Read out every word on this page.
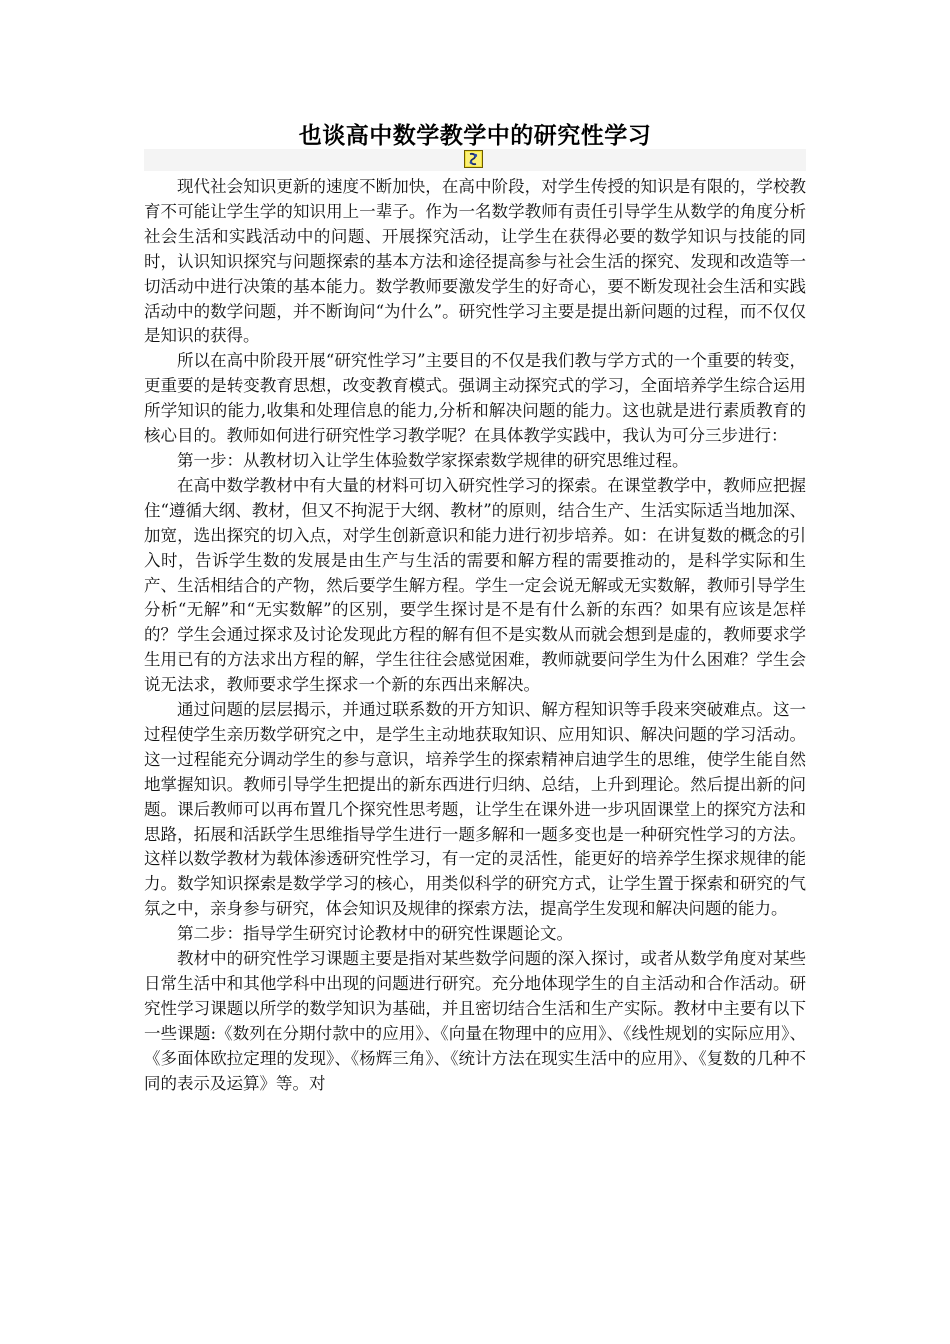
也谈高中数学教学中的研究性学习

现代社会知识更新的速度不断加快，在高中阶段，对学生传授的知识是有限的，学校教育不可能让学生学的知识用上一辈子。作为一名数学教师有责任引导学生从数学的角度分析社会生活和实践活动中的问题、开展探究活动，让学生在获得必要的数学知识与技能的同时，认识知识探究与问题探索的基本方法和途径提高参与社会生活的探究、发现和改造等一切活动中进行决策的基本能力。数学教师要激发学生的好奇心，要不断发现社会生活和实践活动中的数学问题，并不断询问“为什么”。研究性学习主要是提出新问题的过程，而不仅仅是知识的获得。

所以在高中阶段开展“研究性学习”主要目的不仅是我们教与学方式的一个重要的转变，更重要的是转变教育思想，改变教育模式。强调主动探究式的学习，全面培养学生综合运用所学知识的能力,收集和处理信息的能力,分析和解决问题的能力。这也就是进行素质教育的核心目的。教师如何进行研究性学习教学呢？在具体教学实践中，我认为可分三步进行：

第一步：从教材切入让学生体验数学家探索数学规律的研究思维过程。

在高中数学教材中有大量的材料可切入研究性学习的探索。在课堂教学中，教师应把握住“遵循大纲、教材，但又不拘泥于大纲、教材”的原则，结合生产、生活实际适当地加深、加宽，选出探究的切入点，对学生创新意识和能力进行初步培养。如：在讲复数的概念的引入时，告诉学生数的发展是由生产与生活的需要和解方程的需要推动的，是科学实际和生产、生活相结合的产物，然后要学生解方程。学生一定会说无解或无实数解，教师引导学生分析“无解”和“无实数解”的区别，要学生探讨是不是有什么新的东西？如果有应该是怎样的？学生会通过探求及讨论发现此方程的解有但不是实数从而就会想到是虚的，教师要求学生用已有的方法求出方程的解，学生往往会感觉困难，教师就要问学生为什么困难？学生会说无法求，教师要求学生探求一个新的东西出来解决。

通过问题的层层揭示，并通过联系数的开方知识、解方程知识等手段来突破难点。这一过程使学生亲历数学研究之中，是学生主动地获取知识、应用知识、解决问题的学习活动。这一过程能充分调动学生的参与意识，培养学生的探索精神启迪学生的思维，使学生能自然地掌握知识。教师引导学生把提出的新东西进行归纳、总结，上升到理论。然后提出新的问题。课后教师可以再布置几个探究性思考题，让学生在课外进一步巩固课堂上的探究方法和思路，拓展和活跃学生思维指导学生进行一题多解和一题多变也是一种研究性学习的方法。这样以数学教材为载体渗透研究性学习，有一定的灵活性，能更好的培养学生探求规律的能力。数学知识探索是数学学习的核心，用类似科学的研究方式，让学生置于探索和研究的气氛之中，亲身参与研究，体会知识及规律的探索方法，提高学生发现和解决问题的能力。

第二步：指导学生研究讨论教材中的研究性课题论文。

教材中的研究性学习课题主要是指对某些数学问题的深入探讨，或者从数学角度对某些日常生活中和其他学科中出现的问题进行研究。充分地体现学生的自主活动和合作活动。研究性学习课题以所学的数学知识为基础，并且密切结合生活和生产实际。教材中主要有以下一些课题:《数列在分期付款中的应用》、《向量在物理中的应用》、《线性规划的实际应用》、《多面体欧拉定理的发现》、《杨辉三角》、《统计方法在现实生活中的应用》、《复数的几种不同的表示及运算》等。对
